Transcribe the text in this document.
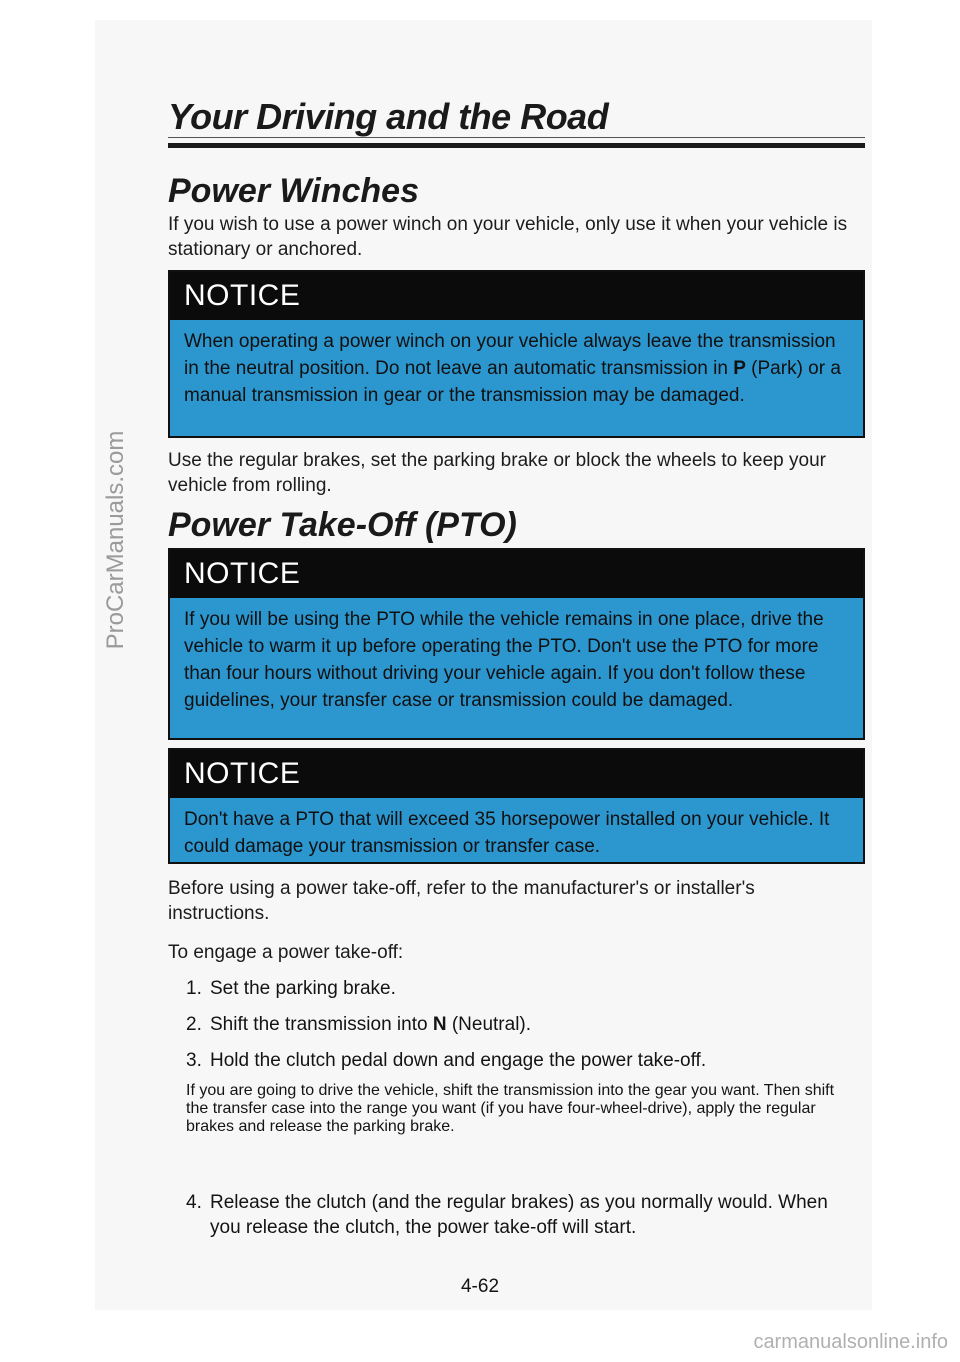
ProCarManuals.com
Your Driving and the Road
Power Winches
If you wish to use a power winch on your vehicle, only use it when your vehicle is stationary or anchored.
NOTICE
When operating a power winch on your vehicle always leave the transmission in the neutral position. Do not leave an automatic transmission in P (Park) or a manual transmission in gear or the transmission may be damaged.
Use the regular brakes, set the parking brake or block the wheels to keep your vehicle from rolling.
Power Take-Off (PTO)
NOTICE
If you will be using the PTO while the vehicle remains in one place, drive the vehicle to warm it up before operating the PTO. Don't use the PTO for more than four hours without driving your vehicle again. If you don't follow these guidelines, your transfer case or transmission could be damaged.
NOTICE
Don't have a PTO that will exceed 35 horsepower installed on your vehicle. It could damage your transmission or transfer case.
Before using a power take-off, refer to the manufacturer's or installer's instructions.
To engage a power take-off:
1. Set the parking brake.
2. Shift the transmission into N (Neutral).
3. Hold the clutch pedal down and engage the power take-off.
If you are going to drive the vehicle, shift the transmission into the gear you want. Then shift the transfer case into the range you want (if you have four-wheel-drive), apply the regular brakes and release the parking brake.
4. Release the clutch (and the regular brakes) as you normally would. When you release the clutch, the power take-off will start.
4-62
carmanualsonline.info
